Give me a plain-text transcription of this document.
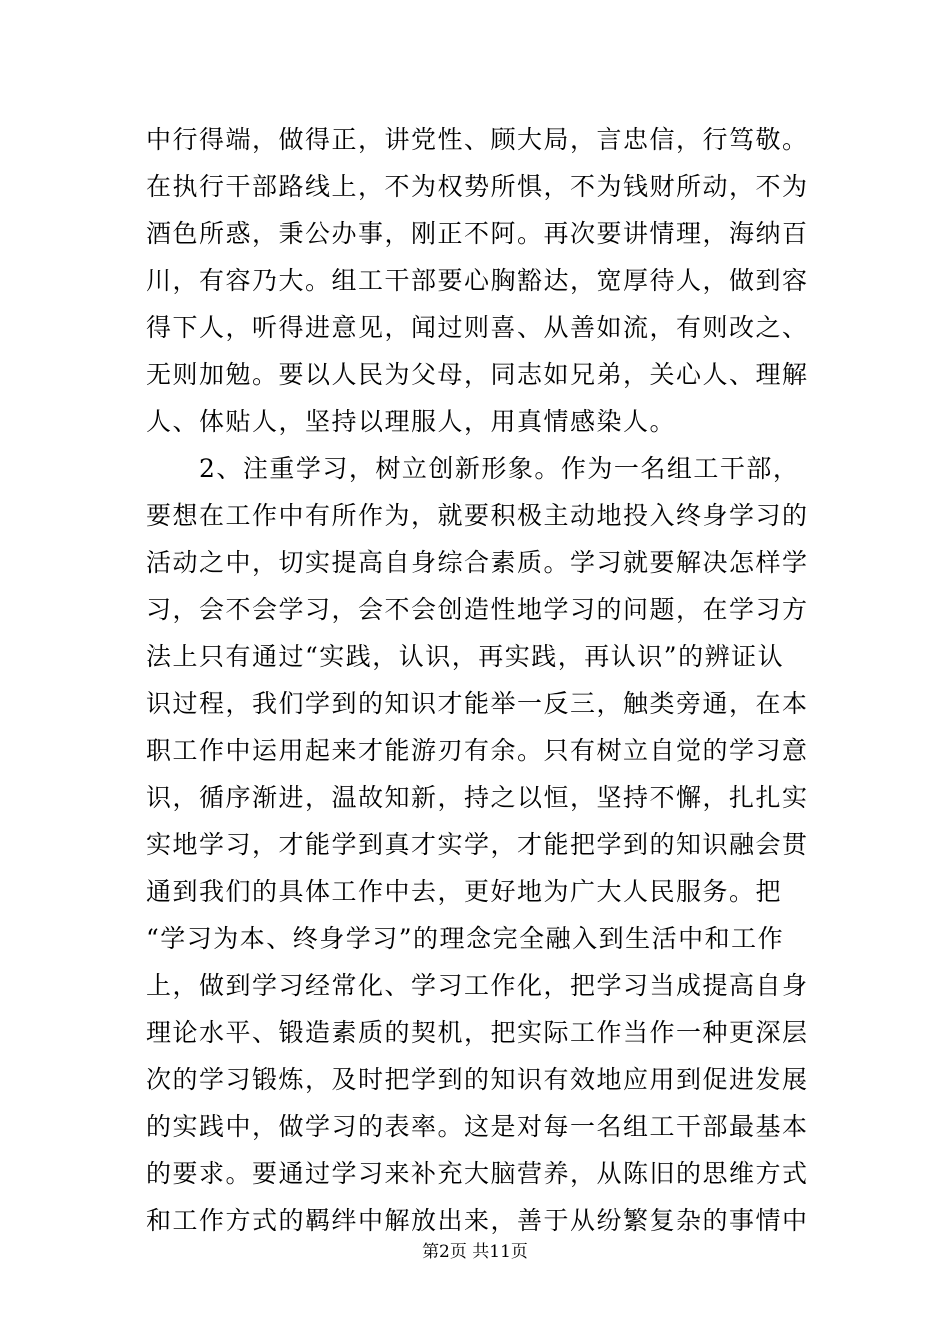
中行得端，做得正，讲党性、顾大局，言忠信，行笃敬。
在执行干部路线上，不为权势所惧，不为钱财所动，不为
酒色所惑，秉公办事，刚正不阿。再次要讲情理，海纳百
川，有容乃大。组工干部要心胸豁达，宽厚待人，做到容
得下人，听得进意见，闻过则喜、从善如流，有则改之、
无则加勉。要以人民为父母，同志如兄弟，关心人、理解
人、体贴人，坚持以理服人，用真情感染人。
　　2、注重学习，树立创新形象。作为一名组工干部，
要想在工作中有所作为，就要积极主动地投入终身学习的
活动之中，切实提高自身综合素质。学习就要解决怎样学
习，会不会学习，会不会创造性地学习的问题，在学习方
法上只有通过“实践，认识，再实践，再认识”的辨证认
识过程，我们学到的知识才能举一反三，触类旁通，在本
职工作中运用起来才能游刃有余。只有树立自觉的学习意
识，循序渐进，温故知新，持之以恒，坚持不懈，扎扎实
实地学习，才能学到真才实学，才能把学到的知识融会贯
通到我们的具体工作中去，更好地为广大人民服务。把
“学习为本、终身学习”的理念完全融入到生活中和工作
上，做到学习经常化、学习工作化，把学习当成提高自身
理论水平、锻造素质的契机，把实际工作当作一种更深层
次的学习锻炼，及时把学到的知识有效地应用到促进发展
的实践中，做学习的表率。这是对每一名组工干部最基本
的要求。要通过学习来补充大脑营养，从陈旧的思维方式
和工作方式的羁绊中解放出来，善于从纷繁复杂的事情中
第2页 共11页
